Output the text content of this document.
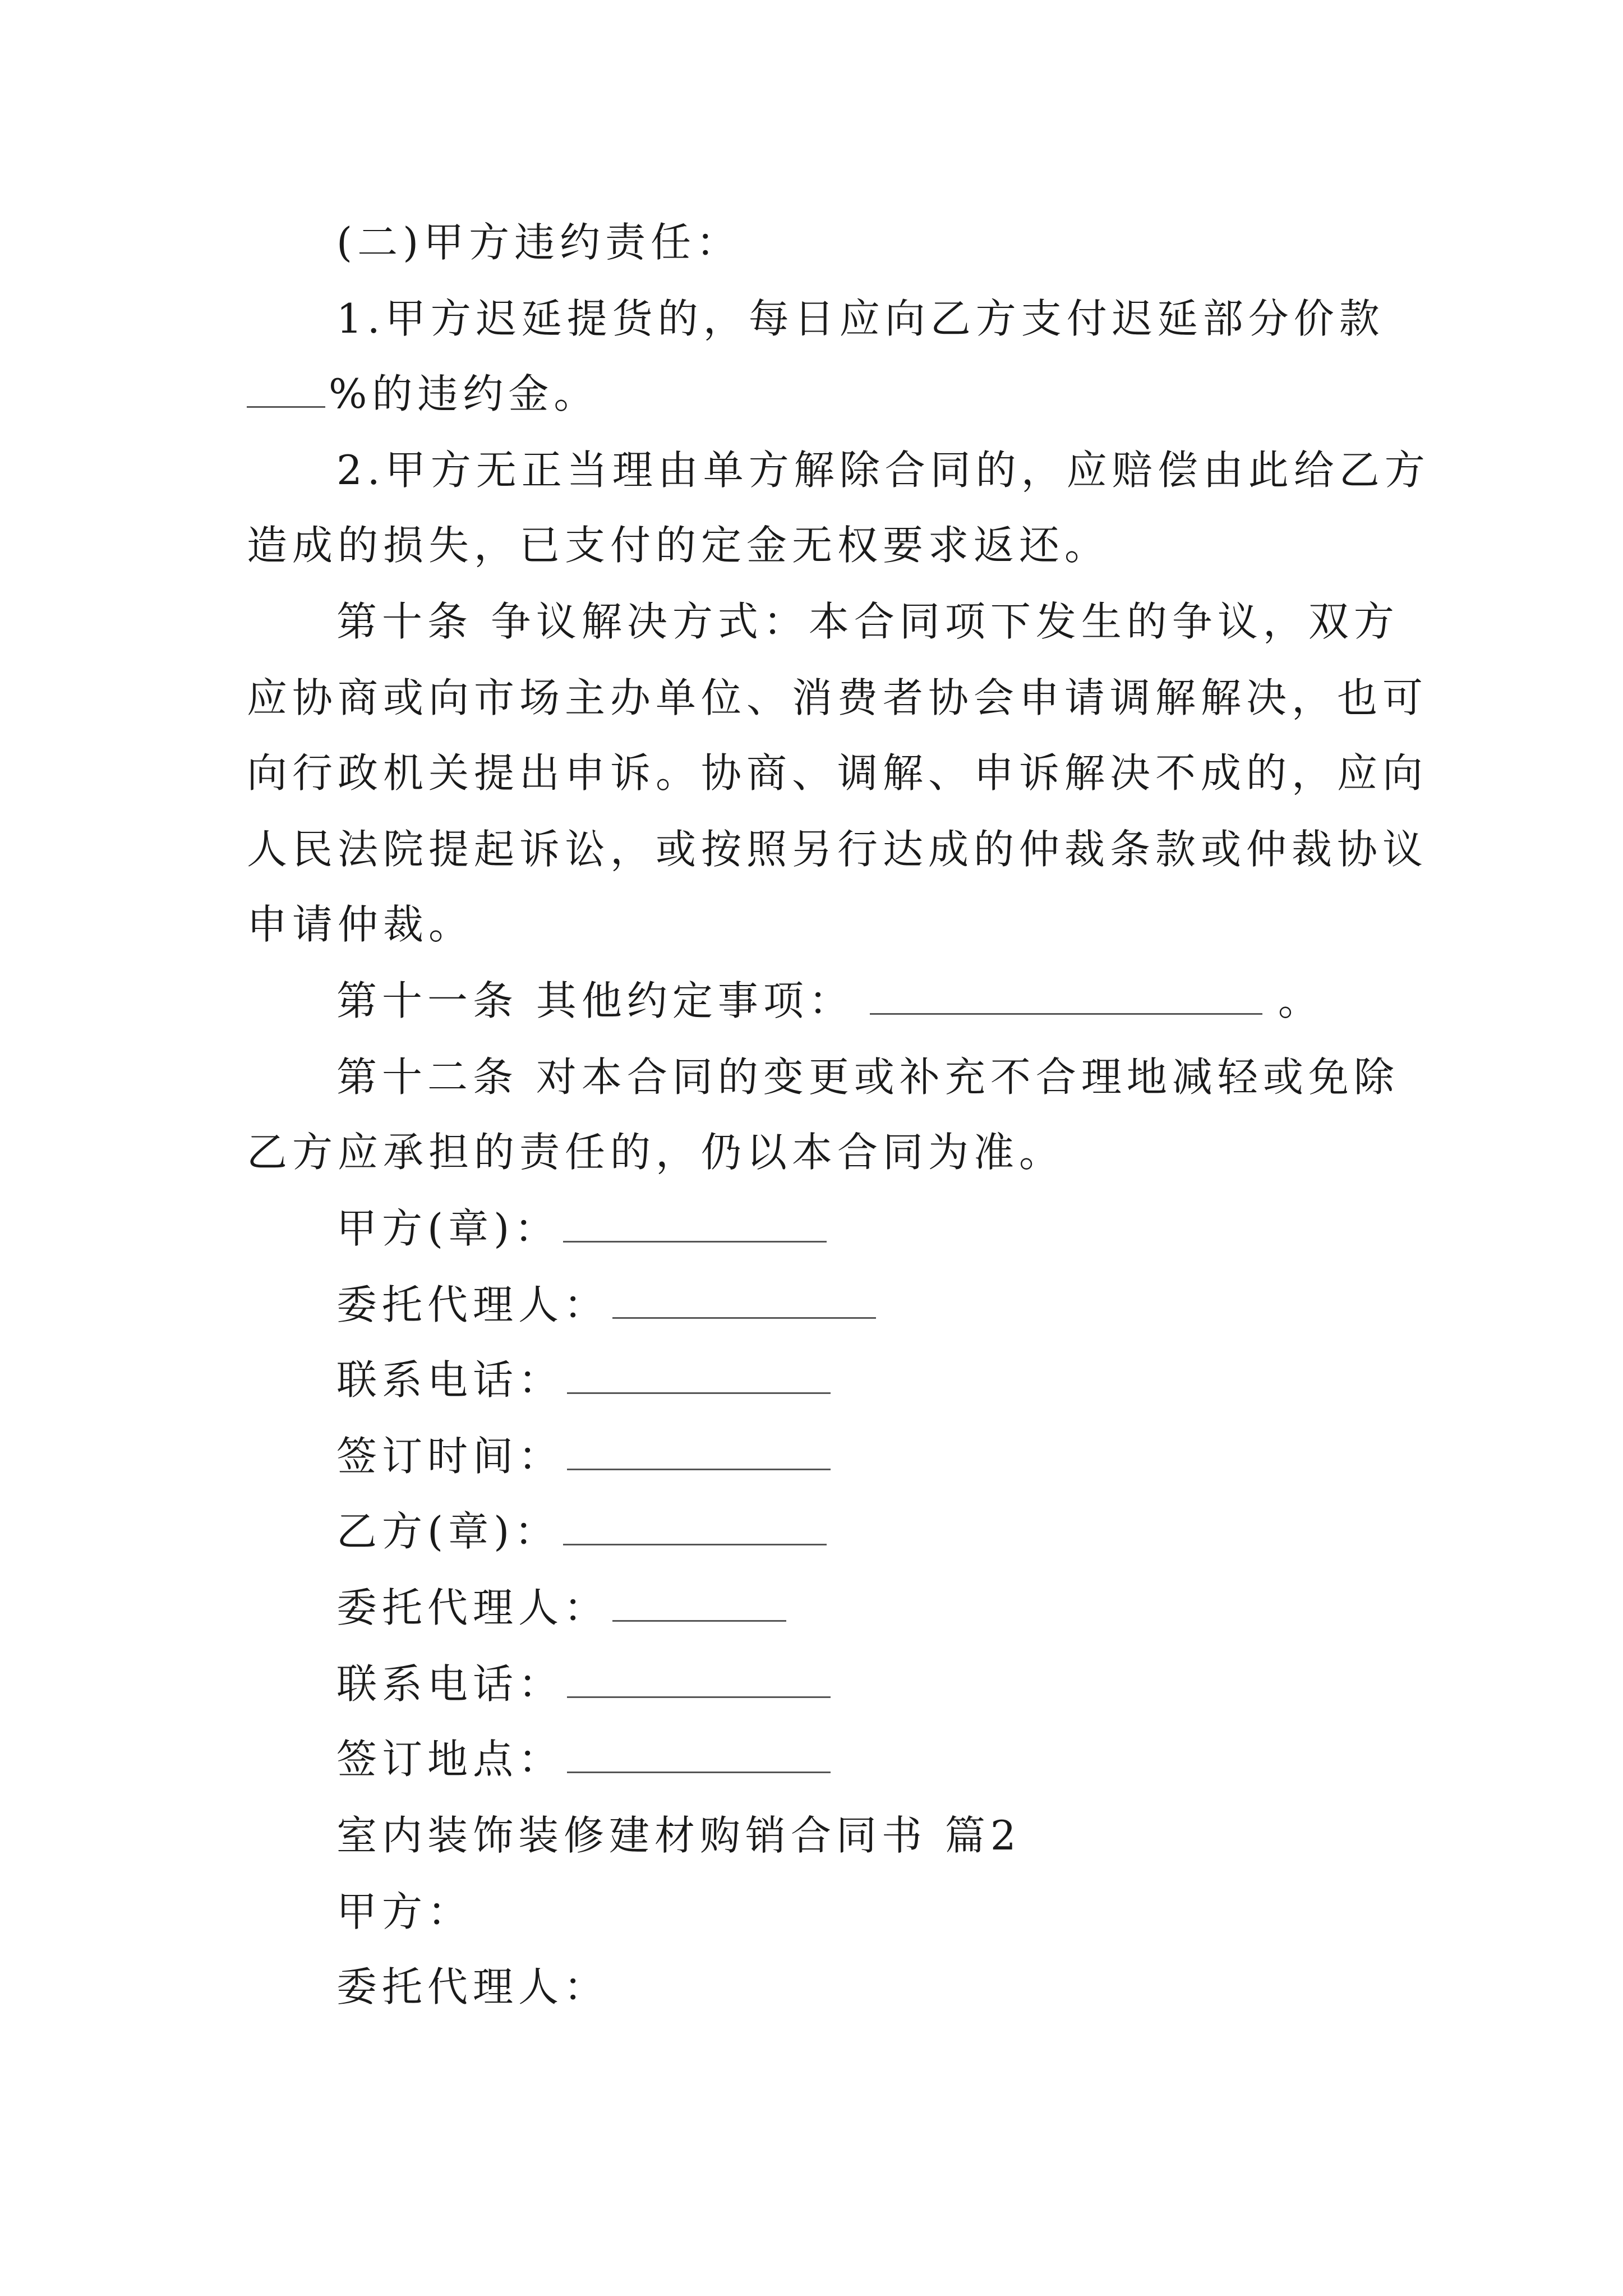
(二)甲方违约责任：
1.甲方迟延提货的，每日应向乙方支付迟延部分价款
%的违约金。
2.甲方无正当理由单方解除合同的，应赔偿由此给乙方
造成的损失，已支付的定金无权要求返还。
第十条 争议解决方式：本合同项下发生的争议，双方
应协商或向市场主办单位、消费者协会申请调解解决，也可
向行政机关提出申诉。协商、调解、申诉解决不成的，应向
人民法院提起诉讼，或按照另行达成的仲裁条款或仲裁协议
申请仲裁。
第十一条 其他约定事项：	。
第十二条 对本合同的变更或补充不合理地减轻或免除
乙方应承担的责任的，仍以本合同为准。
甲方(章)：
委托代理人：
联系电话：
签订时间：
乙方(章)：
委托代理人：
联系电话：
签订地点：
室内装饰装修建材购销合同书 篇2
甲方：
委托代理人：
